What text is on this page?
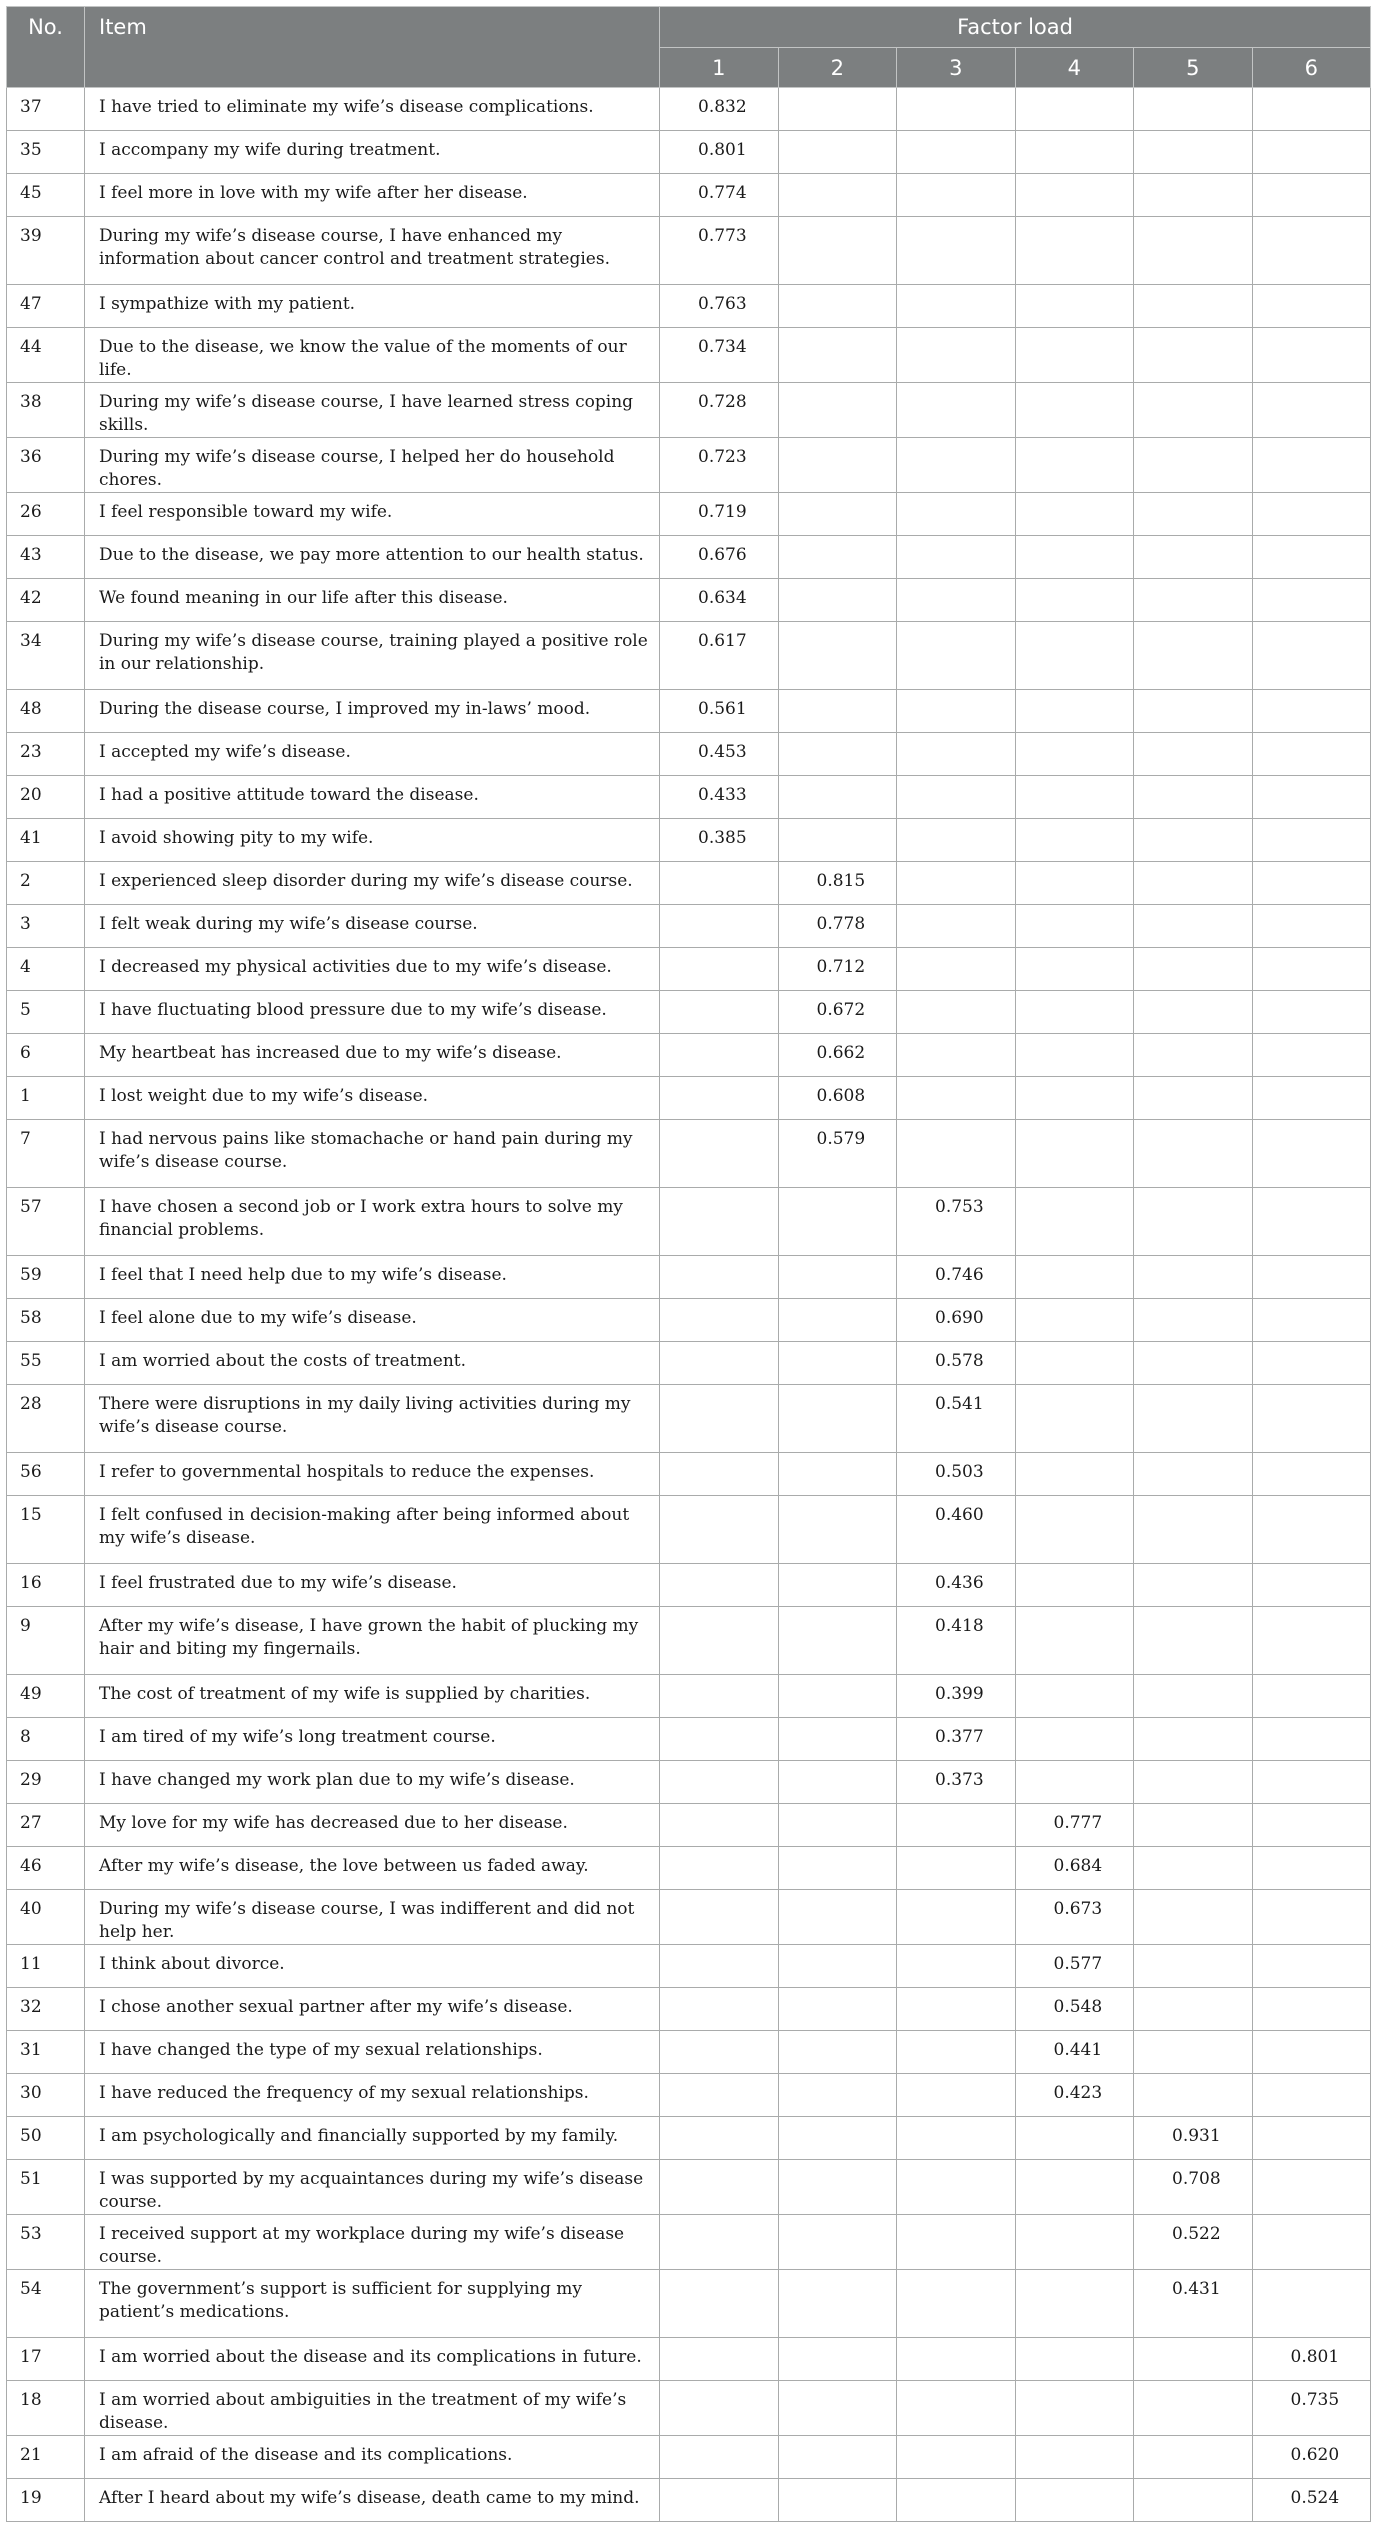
No.	Item	Factor load					
		1	2	3	4	5	6
37	I have tried to eliminate my wife’s disease complications.	0.832					
35	I accompany my wife during treatment.	0.801					
45	I feel more in love with my wife after her disease.	0.774					
39	During my wife’s disease course, I have enhanced my information about cancer control and treatment strategies.	0.773					
47	I sympathize with my patient.	0.763					
44	Due to the disease, we know the value of the moments of our life.	0.734					
38	During my wife’s disease course, I have learned stress coping skills.	0.728					
36	During my wife’s disease course, I helped her do household chores.	0.723					
26	I feel responsible toward my wife.	0.719					
43	Due to the disease, we pay more attention to our health status.	0.676					
42	We found meaning in our life after this disease.	0.634					
34	During my wife’s disease course, training played a positive role in our relationship.	0.617					
48	During the disease course, I improved my in-laws’ mood.	0.561					
23	I accepted my wife’s disease.	0.453					
20	I had a positive attitude toward the disease.	0.433					
41	I avoid showing pity to my wife.	0.385					
2	I experienced sleep disorder during my wife’s disease course.		0.815				
3	I felt weak during my wife’s disease course.		0.778				
4	I decreased my physical activities due to my wife’s disease.		0.712				
5	I have fluctuating blood pressure due to my wife’s disease.		0.672				
6	My heartbeat has increased due to my wife’s disease.		0.662				
1	I lost weight due to my wife’s disease.		0.608				
7	I had nervous pains like stomachache or hand pain during my wife’s disease course.		0.579				
57	I have chosen a second job or I work extra hours to solve my financial problems.			0.753			
59	I feel that I need help due to my wife’s disease.			0.746			
58	I feel alone due to my wife’s disease.			0.690			
55	I am worried about the costs of treatment.			0.578			
28	There were disruptions in my daily living activities during my wife’s disease course.			0.541			
56	I refer to governmental hospitals to reduce the expenses.			0.503			
15	I felt confused in decision-making after being informed about my wife’s disease.			0.460			
16	I feel frustrated due to my wife’s disease.			0.436			
9	After my wife’s disease, I have grown the habit of plucking my hair and biting my fingernails.			0.418			
49	The cost of treatment of my wife is supplied by charities.			0.399			
8	I am tired of my wife’s long treatment course.			0.377			
29	I have changed my work plan due to my wife’s disease.			0.373			
27	My love for my wife has decreased due to her disease.				0.777		
46	After my wife’s disease, the love between us faded away.				0.684		
40	During my wife’s disease course, I was indifferent and did not help her.				0.673		
11	I think about divorce.				0.577		
32	I chose another sexual partner after my wife’s disease.				0.548		
31	I have changed the type of my sexual relationships.				0.441		
30	I have reduced the frequency of my sexual relationships.				0.423		
50	I am psychologically and financially supported by my family.					0.931	
51	I was supported by my acquaintances during my wife’s disease course.					0.708	
53	I received support at my workplace during my wife’s disease course.					0.522	
54	The government’s support is sufficient for supplying my patient’s medications.					0.431	
17	I am worried about the disease and its complications in future.						0.801
18	I am worried about ambiguities in the treatment of my wife’s disease.						0.735
21	I am afraid of the disease and its complications.						0.620
19	After I heard about my wife’s disease, death came to my mind.						0.524
